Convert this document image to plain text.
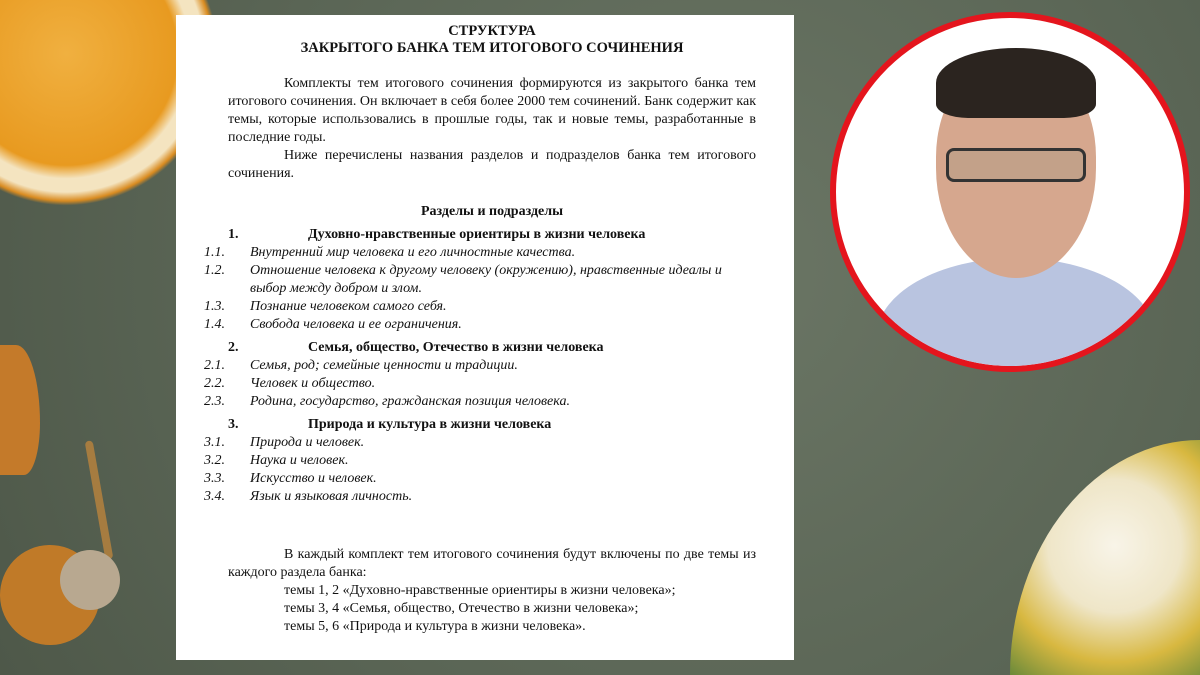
СТРУКТУРА
ЗАКРЫТОГО БАНКА ТЕМ ИТОГОВОГО СОЧИНЕНИЯ
Комплекты тем итогового сочинения формируются из закрытого банка тем итогового сочинения. Он включает в себя более 2000 тем сочинений. Банк содержит как темы, которые использовались в прошлые годы, так и новые темы, разработанные в последние годы.
Ниже перечислены названия разделов и подразделов банка тем итогового сочинения.
Разделы и подразделы
1.	Духовно-нравственные ориентиры в жизни человека
1.1.	Внутренний мир человека и его личностные качества.
1.2.	Отношение человека к другому человеку (окружению), нравственные идеалы и выбор между добром и злом.
1.3.	Познание человеком самого себя.
1.4.	Свобода человека и ее ограничения.
2.	Семья, общество, Отечество в жизни человека
2.1.	Семья, род; семейные ценности и традиции.
2.2.	Человек и общество.
2.3.	Родина, государство, гражданская позиция человека.
3.	Природа и культура в жизни человека
3.1.	Природа и человек.
3.2.	Наука и человек.
3.3.	Искусство и человек.
3.4.	Язык и языковая личность.
В каждый комплект тем итогового сочинения будут включены по две темы из каждого раздела банка:
темы 1, 2 «Духовно-нравственные ориентиры в жизни человека»;
темы 3, 4 «Семья, общество, Отечество в жизни человека»;
темы 5, 6 «Природа и культура в жизни человека».
